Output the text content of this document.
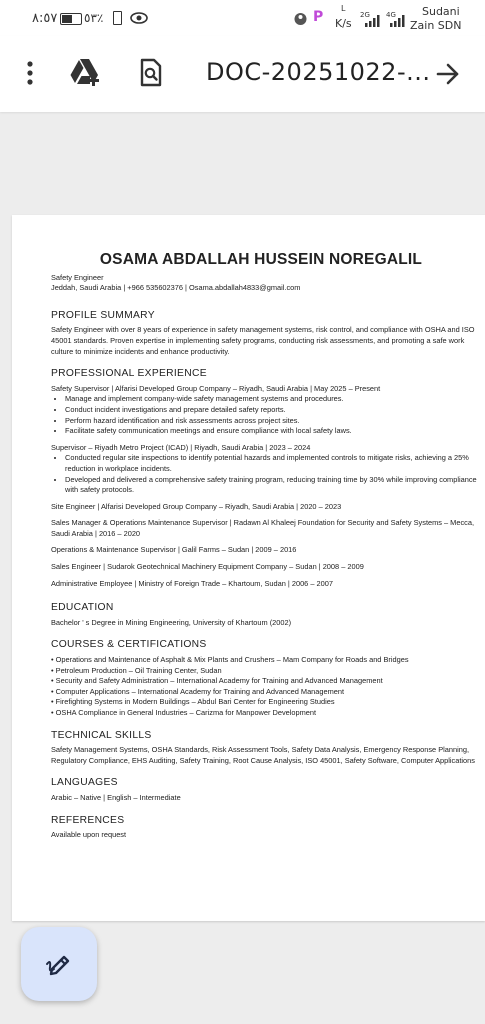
٨:٥٧ ٥٣٪	P
L
K/s
2G 4G Sudani
Zain SDN
DOC-20251022-...
OSAMA ABDALLAH HUSSEIN NOREGALIL
Safety Engineer
Jeddah, Saudi Arabia | +966 535602376 | Osama.abdallah4833@gmail.com
PROFILE SUMMARY
Safety Engineer with over 8 years of experience in safety management systems, risk control, and compliance with OSHA and ISO 45001 standards. Proven expertise in implementing safety programs, conducting risk assessments, and promoting a safe work culture to minimize incidents and enhance productivity.
PROFESSIONAL EXPERIENCE
Safety Supervisor | Alfarisi Developed Group Company – Riyadh, Saudi Arabia | May 2025 – Present
• Manage and implement company-wide safety management systems and procedures.
• Conduct incident investigations and prepare detailed safety reports.
• Perform hazard identification and risk assessments across project sites.
• Facilitate safety communication meetings and ensure compliance with local safety laws.
Supervisor – Riyadh Metro Project (ICAD) | Riyadh, Saudi Arabia | 2023 – 2024
• Conducted regular site inspections to identify potential hazards and implemented controls to mitigate risks, achieving a 25% reduction in workplace incidents.
• Developed and delivered a comprehensive safety training program, reducing training time by 30% while improving compliance with safety protocols.
Site Engineer | Alfarisi Developed Group Company – Riyadh, Saudi Arabia | 2020 – 2023
Sales Manager & Operations Maintenance Supervisor | Radawn Al Khaleej Foundation for Security and Safety Systems – Mecca, Saudi Arabia | 2016 – 2020
Operations & Maintenance Supervisor | Galil Farms – Sudan | 2009 – 2016
Sales Engineer | Sudarok Geotechnical Machinery Equipment Company – Sudan | 2008 – 2009
Administrative Employee | Ministry of Foreign Trade – Khartoum, Sudan | 2006 – 2007
EDUCATION
Bachelor ' s Degree in Mining Engineering, University of Khartoum (2002)
COURSES & CERTIFICATIONS
• Operations and Maintenance of Asphalt & Mix Plants and Crushers – Mam Company for Roads and Bridges
• Petroleum Production – Oil Training Center, Sudan
• Security and Safety Administration – International Academy for Training and Advanced Management
• Computer Applications – International Academy for Training and Advanced Management
• Firefighting Systems in Modern Buildings – Abdul Bari Center for Engineering Studies
• OSHA Compliance in General Industries – Carizma for Manpower Development
TECHNICAL SKILLS
Safety Management Systems, OSHA Standards, Risk Assessment Tools, Safety Data Analysis, Emergency Response Planning, Regulatory Compliance, EHS Auditing, Safety Training, Root Cause Analysis, ISO 45001, Safety Software, Computer Applications
LANGUAGES
Arabic – Native | English – Intermediate
REFERENCES
Available upon request
